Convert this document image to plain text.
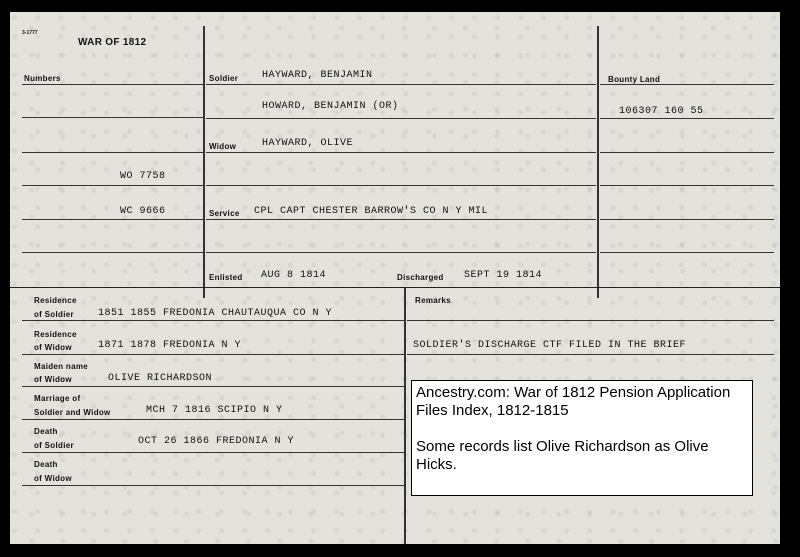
3-1777
WAR OF 1812
Numbers
WO 7758
WC 9666
Soldier HAYWARD, BENJAMIN
HOWARD, BENJAMIN (OR)
Widow	HAYWARD, OLIVE
Service CPL CAPT CHESTER BARROW'S CO N Y MIL
Enlisted AUG 8 1814	Discharged SEPT 19 1814
Bounty Land
106307 160 55
Residence
of Soldier 1851 1855 FREDONIA CHAUTAUQUA CO N Y
Residence
of Widow	1871 1878 FREDONIA N Y
Maiden name
of Widow	OLIVE RICHARDSON
Marriage of
Soldier and Widow	MCH 7 1816 SCIPIO N Y
Death
of Soldier	OCT 26 1866 FREDONIA N Y
Death
of Widow
Remarks
SOLDIER'S DISCHARGE CTF FILED IN THE BRIEF

Ancestry.com: War of 1812 Pension Application Files Index, 1812-1815

Some records list Olive Richardson as Olive Hicks.
